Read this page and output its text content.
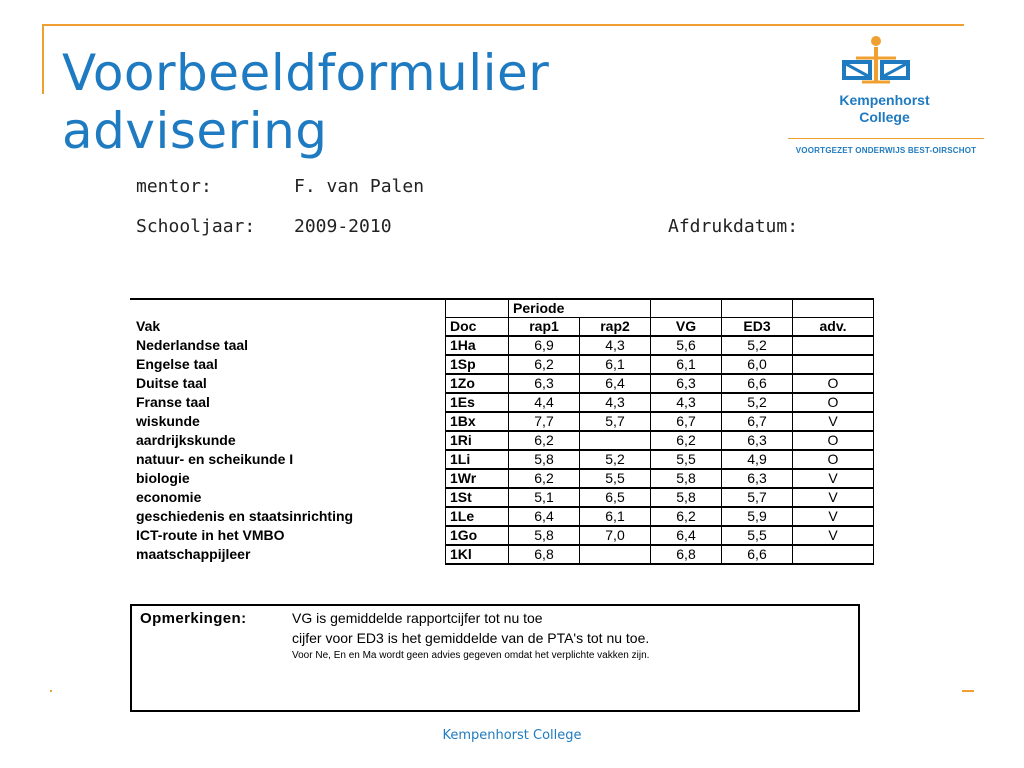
Voorbeeldformulier
advisering
Kempenhorst
College
VOORTGEZET ONDERWIJS BEST-OIRSCHOT
mentor:	F. van Palen
Schooljaar: 2009-2010	Afdrukdatum:
		Periode				
Vak	Doc	rap1	rap2	VG	ED3	adv.
Nederlandse taal	1Ha	6,9	4,3	5,6	5,2	
Engelse taal	1Sp	6,2	6,1	6,1	6,0	
Duitse taal	1Zo	6,3	6,4	6,3	6,6	O
Franse taal	1Es	4,4	4,3	4,3	5,2	O
wiskunde	1Bx	7,7	5,7	6,7	6,7	V
aardrijkskunde	1Ri	6,2		6,2	6,3	O
natuur- en scheikunde I	1Li	5,8	5,2	5,5	4,9	O
biologie	1Wr	6,2	5,5	5,8	6,3	V
economie	1St	5,1	6,5	5,8	5,7	V
geschiedenis en staatsinrichting	1Le	6,4	6,1	6,2	5,9	V
ICT-route in het VMBO	1Go	5,8	7,0	6,4	5,5	V
maatschappijleer	1Kl	6,8		6,8	6,6	
Opmerkingen:	VG is gemiddelde rapportcijfer tot nu toe
cijfer voor ED3 is het gemiddelde van de PTA's tot nu toe.
Voor Ne, En en Ma wordt geen advies gegeven omdat het verplichte vakken zijn.
Kempenhorst College
